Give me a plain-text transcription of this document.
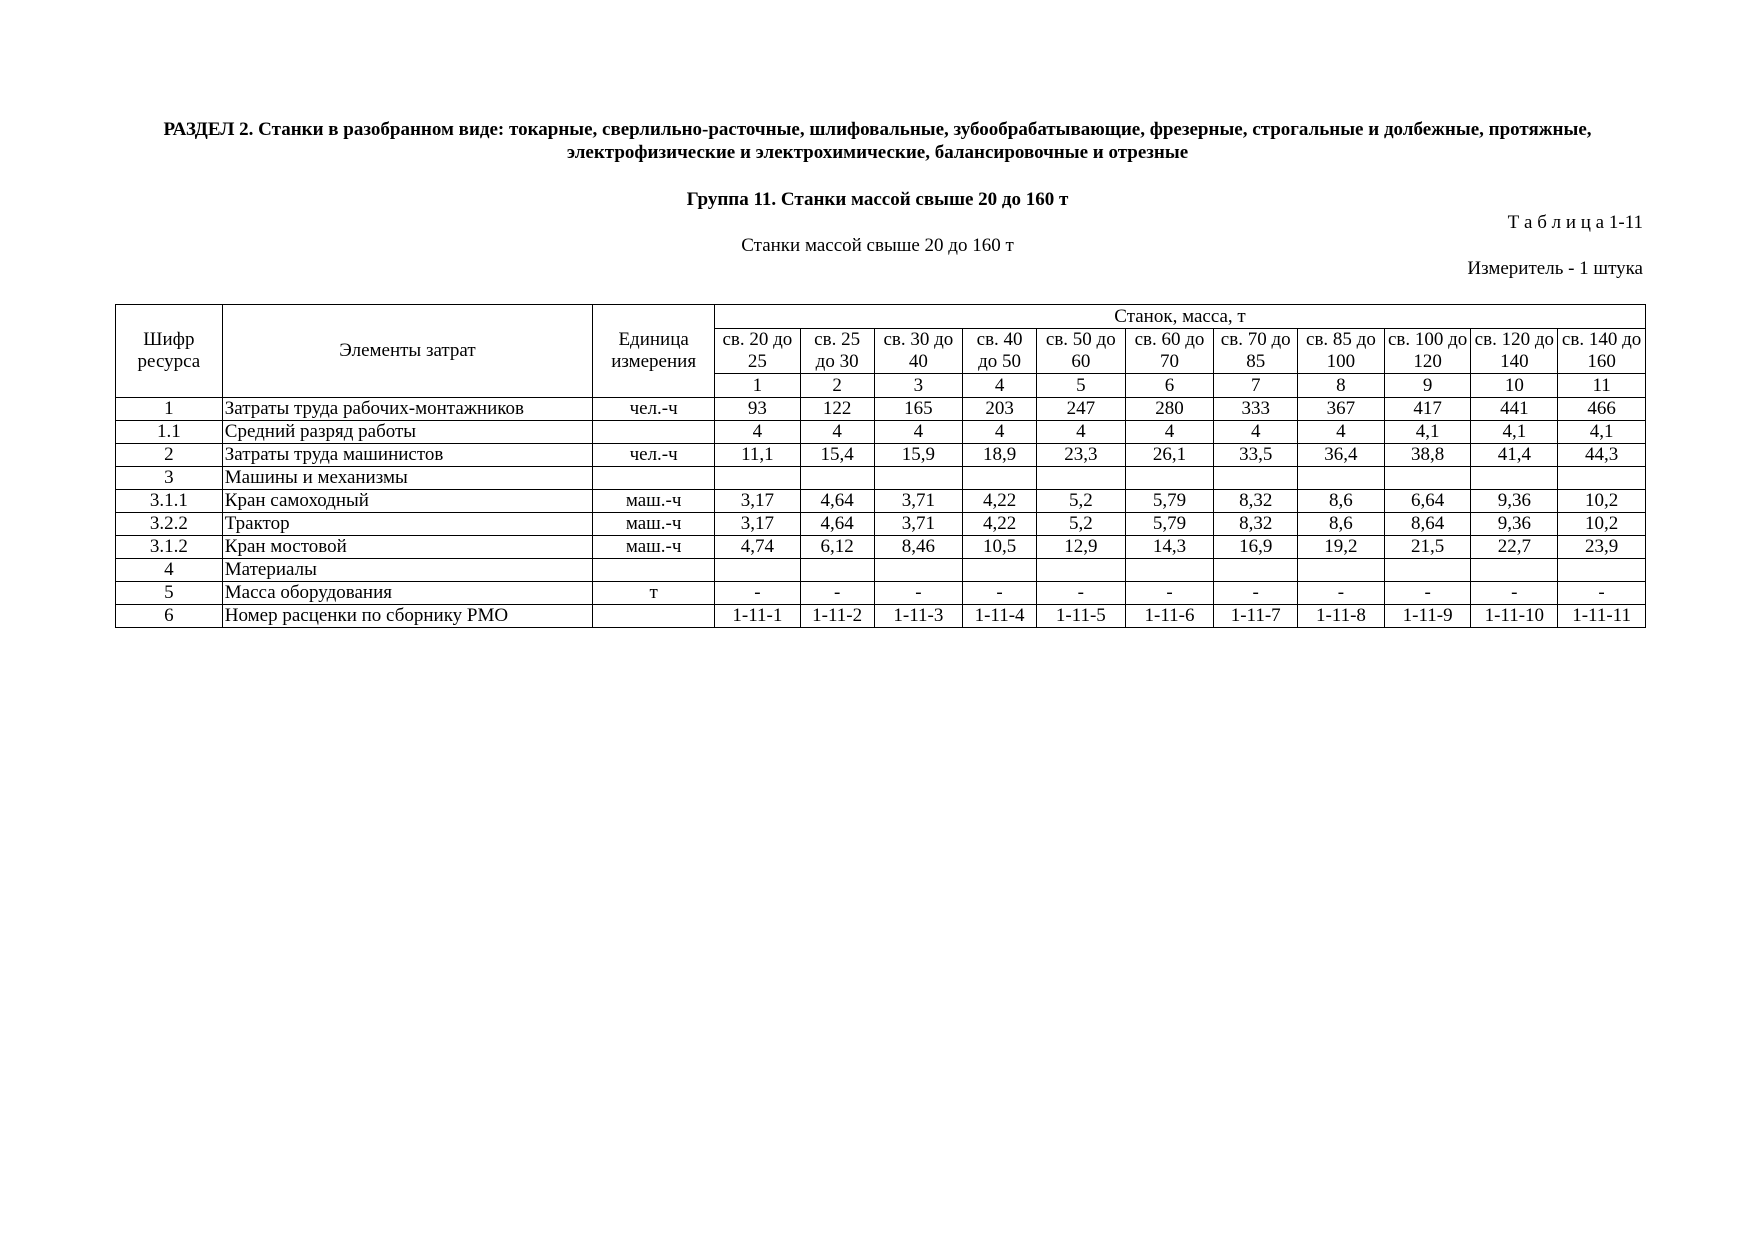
РАЗДЕЛ 2. Станки в разобранном виде: токарные, сверлильно-расточные, шлифовальные, зубообрабатывающие, фрезерные, строгальные и долбежные, протяжные, электрофизические и электрохимические, балансировочные и отрезные
Группа 11. Станки массой свыше 20 до 160 т
Т а б л и ц а 1-11
Станки массой свыше 20 до 160 т
Измеритель - 1 штука
Шифр ресурса	Элементы затрат	Единица измерения	Станок, масса, т										
			св. 20 до 25	св. 25 до 30	св. 30 до 40	св. 40 до 50	св. 50 до 60	св. 60 до 70	св. 70 до 85	св. 85 до 100	св. 100 до 120	св. 120 до 140	св. 140 до 160
			1	2	3	4	5	6	7	8	9	10	11
1	Затраты труда рабочих-монтажников	чел.-ч	93	122	165	203	247	280	333	367	417	441	466
1.1	Средний разряд работы		4	4	4	4	4	4	4	4	4,1	4,1	4,1
2	Затраты труда машинистов	чел.-ч	11,1	15,4	15,9	18,9	23,3	26,1	33,5	36,4	38,8	41,4	44,3
3	Машины и механизмы												
3.1.1	Кран самоходный	маш.-ч	3,17	4,64	3,71	4,22	5,2	5,79	8,32	8,6	6,64	9,36	10,2
3.2.2	Трактор	маш.-ч	3,17	4,64	3,71	4,22	5,2	5,79	8,32	8,6	8,64	9,36	10,2
3.1.2	Кран мостовой	маш.-ч	4,74	6,12	8,46	10,5	12,9	14,3	16,9	19,2	21,5	22,7	23,9
4	Материалы												
5	Масса оборудования	т	-	-	-	-	-	-	-	-	-	-	-
6	Номер расценки по сборнику РМО		1-11-1	1-11-2	1-11-3	1-11-4	1-11-5	1-11-6	1-11-7	1-11-8	1-11-9	1-11-10	1-11-11
